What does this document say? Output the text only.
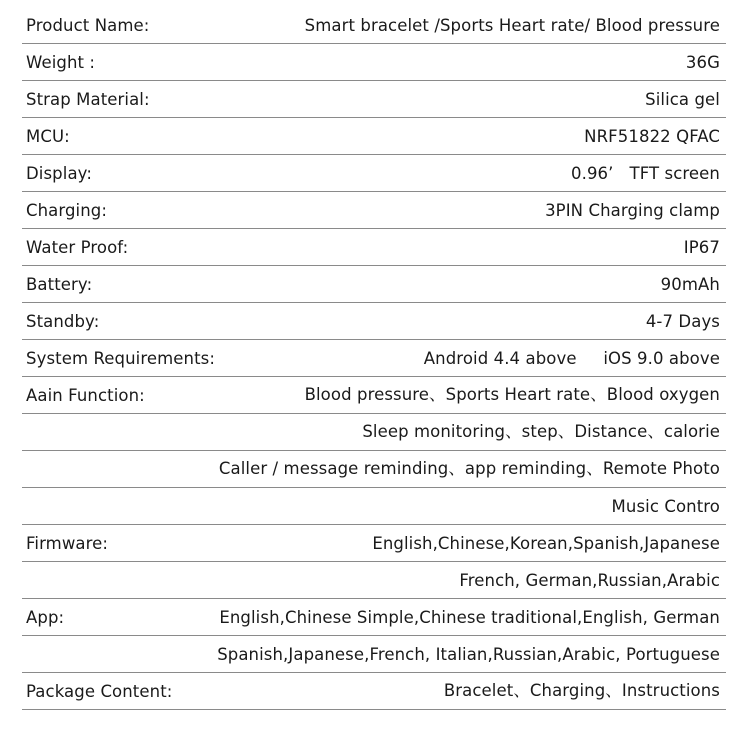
Product Name:	Smart bracelet /Sports Heart rate/ Blood pressure
Weight :	36G
Strap Material:	Silica gel
MCU:	NRF51822 QFAC
Display:	0.96’   TFT screen
Charging:	3PIN Charging clamp
Water Proof:	IP67
Battery:	90mAh
Standby:	4-7 Days
System Requirements:	Android 4.4 above     iOS 9.0 above
Aain Function:	Blood pressure、Sports Heart rate、Blood oxygen
Sleep monitoring、step、Distance、calorie
Caller / message reminding、app reminding、Remote Photo
Music Contro
Firmware:	English,Chinese,Korean,Spanish,Japanese
French, German,Russian,Arabic
App:	English,Chinese Simple,Chinese traditional,English, German
Spanish,Japanese,French, Italian,Russian,Arabic, Portuguese
Package Content:	Bracelet、Charging、Instructions
